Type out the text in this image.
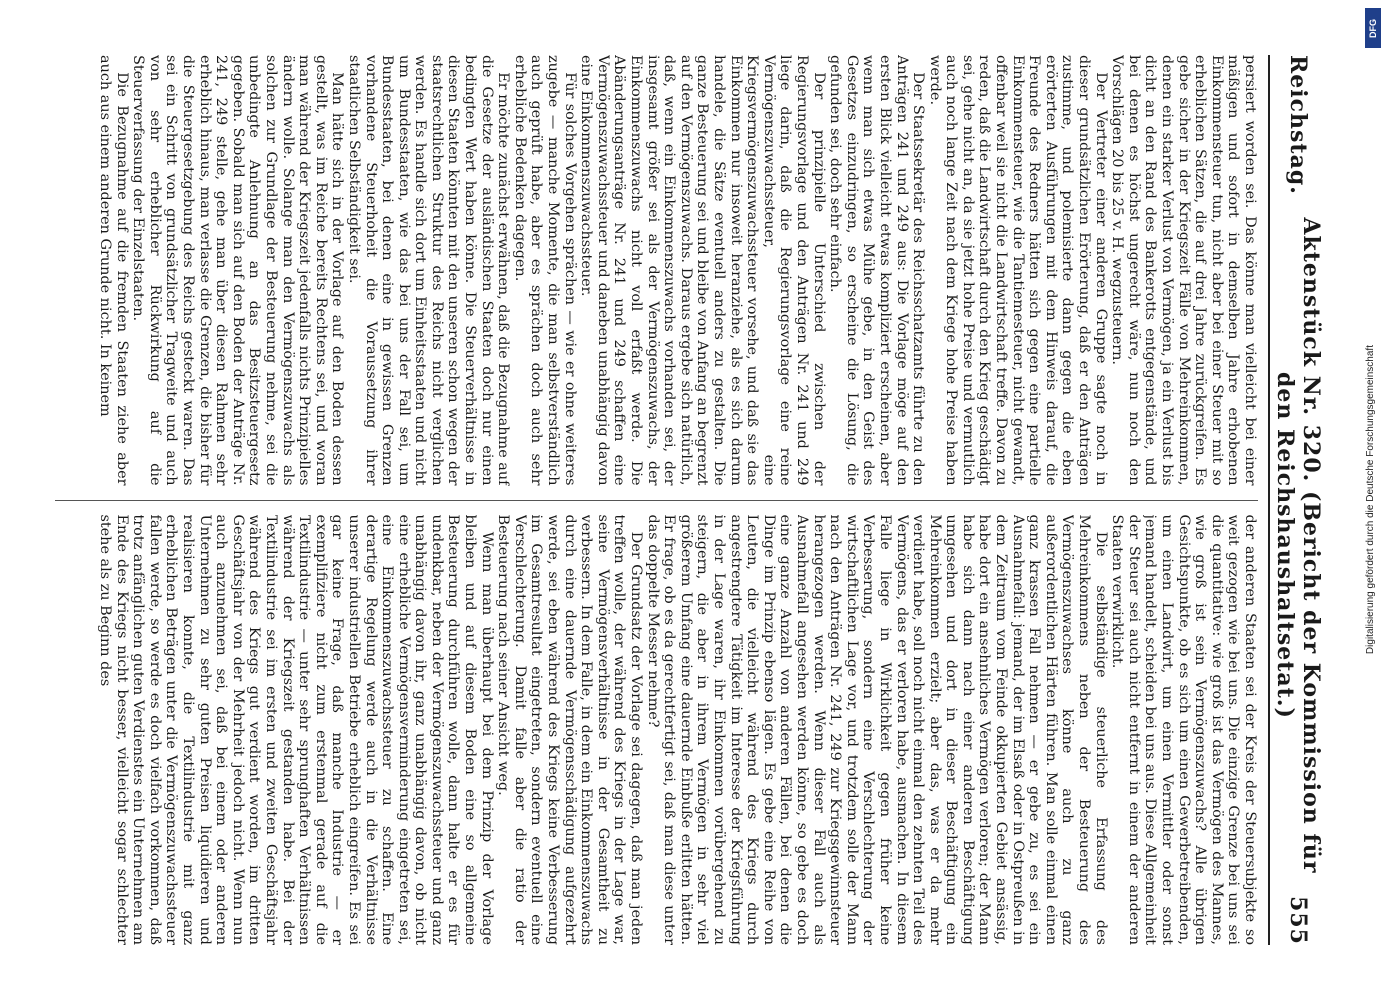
Reichstag.
Aktenstück Nr. 320. (Bericht der Kommission für den Reichshaushaltsetat.)
555

persiert worden sei. Das könne man vielleicht bei einer mäßigen und sofort in demselben Jahre erhobenen Einkommensteuer tun, nicht aber bei einer Steuer mit so erheblichen Sätzen, die auf drei Jahre zurückgreifen. Es gebe sicher in der Kriegszeit Fälle von Mehreinkommen, denen ein starker Verlust von Vermögen, ja ein Verlust bis dicht an den Rand des Bankerotts entgegenstände, und bei denen es höchst ungerecht wäre, nun noch den Vorschlägen 20 bis 25 v. H. wegzusteuern.

Der Vertreter einer anderen Gruppe sagte noch in dieser grundsätzlichen Erörterung, daß er den Anträgen zustimme, und polemisierte dann gegen die eben erörterten Ausführungen mit dem Hinweis darauf, die Freunde des Redners hätten sich gegen eine partielle Einkommensteuer, wie die Tantiemesteuer, nicht gewandt, offenbar weil sie nicht die Landwirtschaft treffe. Davon zu reden, daß die Landwirtschaft durch den Krieg geschädigt sei, gehe nicht an, da sie jetzt hohe Preise und vermutlich auch noch lange Zeit nach dem Kriege hohe Preise haben werde.

Der Staatssekretär des Reichsschatzamts führte zu den Anträgen 241 und 249 aus: Die Vorlage möge auf den ersten Blick vielleicht etwas kompliziert erscheinen, aber wenn man sich etwas Mühe gebe, in den Geist des Gesetzes einzudringen, so erscheine die Lösung, die gefunden sei, doch sehr einfach.

Der prinzipielle Unterschied zwischen der Regierungsvorlage und den Anträgen Nr. 241 und 249 liege darin, daß die Regierungsvorlage eine reine Vermögenszuwachssteuer, eine Kriegsvermögenszuwachssteuer vorsehe, und daß sie das Einkommen nur insoweit heranziehe, als es sich darum handele, die Sätze eventuell anders zu gestalten. Die ganze Besteuerung sei und bleibe von Anfang an begrenzt auf den Vermögenszuwachs. Daraus ergebe sich natürlich, daß, wenn ein Einkommenszuwachs vorhanden sei, der insgesamt größer sei als der Vermögenszuwachs, der Einkommenszuwachs nicht voll erfaßt werde. Die Abänderungsanträge Nr. 241 und 249 schaffen eine Vermögenszuwachssteuer und daneben unabhängig davon eine Einkommenszuwachssteuer.

Für solches Vorgehen sprächen — wie er ohne weiteres zugebe — manche Momente, die man selbstverständlich auch geprüft habe, aber es sprächen doch auch sehr erhebliche Bedenken dagegen.

Er möchte zunächst erwähnen, daß die Bezugnahme auf die Gesetze der ausländischen Staaten doch nur einen bedingten Wert haben könne. Die Steuerverhältnisse in diesen Staaten könnten mit den unseren schon wegen der staatsrechtlichen Struktur des Reichs nicht verglichen werden. Es handle sich dort um Einheitsstaaten und nicht um Bundesstaaten, wie das bei uns der Fall sei, um Bundesstaaten, bei denen eine in gewissen Grenzen vorhandene Steuerhoheit die Voraussetzung ihrer staatlichen Selbständigkeit sei.

Man hätte sich in der Vorlage auf den Boden dessen gestellt, was im Reiche bereits Rechtens sei, und woran man während der Kriegszeit jedenfalls nichts Prinzipielles ändern wolle. Solange man den Vermögenszuwachs als solchen zur Grundlage der Besteuerung nehme, sei die unbedingte Anlehnung an das Besitzsteuergesetz gegeben. Sobald man sich auf den Boden der Anträge Nr. 241, 249 stelle, gehe man über diesen Rahmen sehr erheblich hinaus, man verlasse die Grenzen, die bisher für die Steuergesetzgebung des Reichs gesteckt waren. Das sei ein Schritt von grundsätzlicher Tragweite und auch von sehr erheblicher Rückwirkung auf die Steuerverfassung der Einzelstaaten.

Die Bezugnahme auf die fremden Staaten ziehe aber auch aus einem anderen Grunde nicht. In keinem

der anderen Staaten sei der Kreis der Steuersubjekte so weit gezogen wie bei uns. Die einzige Grenze bei uns sei die quantitative: wie groß ist das Vermögen des Mannes, wie groß ist sein Vermögenszuwachs? Alle übrigen Gesichtspunkte, ob es sich um einen Gewerbetreibenden, um einen Landwirt, um einen Vermittler oder sonst jemand handelt, scheiden bei uns aus. Diese Allgemeinheit der Steuer sei auch nicht entfernt in einem der anderen Staaten verwirklicht.

Die selbständige steuerliche Erfassung des Mehreinkommens neben der Besteuerung des Vermögenszuwachses könne auch zu ganz außerordentlichen Härten führen. Man solle einmal einen ganz krassen Fall nehmen — er gebe zu, es sei ein Ausnahmefall: jemand, der im Elsaß oder in Ostpreußen in dem Zeitraum vom Feinde okkupierten Gebiet ansässig, habe dort ein ansehnliches Vermögen verloren; der Mann habe sich dann nach einer anderen Beschäftigung umgesehen und dort in dieser Beschäftigung ein Mehreinkommen erzielt; aber das, was er da mehr verdient habe, soll noch nicht einmal den zehnten Teil des Vermögens, das er verloren habe, ausmachen. In diesem Falle liege in Wirklichkeit gegen früher keine Verbesserung, sondern eine Verschlechterung der wirtschaftlichen Lage vor, und trotzdem solle der Mann nach den Anträgen Nr. 241, 249 zur Kriegsgewinnsteuer herangezogen werden. Wenn dieser Fall auch als Ausnahmefall angesehen werden könne, so gebe es doch eine ganze Anzahl von anderen Fällen, bei denen die Dinge im Prinzip ebenso lägen. Es gebe eine Reihe von Leuten, die vielleicht während des Kriegs durch angestrengtere Tätigkeit im Interesse der Kriegsführung in der Lage waren, ihr Einkommen vorübergehend zu steigern, die aber in ihrem Vermögen in sehr viel größerem Umfang eine dauernde Einbuße erlitten hätten. Er frage, ob es da gerechtfertigt sei, daß man diese unter das doppelte Messer nehme?

Der Grundsatz der Vorlage sei dagegen, daß man jeden treffen wolle, der während des Kriegs in der Lage war, seine Vermögensverhältnisse in der Gesamtheit zu verbessern. In dem Falle, in dem ein Einkommenszuwachs durch eine dauernde Vermögensschädigung aufgezehrt werde, sei eben während des Kriegs keine Verbesserung im Gesamtresultat eingetreten, sondern eventuell eine Verschlechterung. Damit falle aber die ratio der Besteuerung nach seiner Ansicht weg.

Wenn man überhaupt bei dem Prinzip der Vorlage bleiben und auf diesem Boden eine so allgemeine Besteuerung durchführen wolle, dann halte er es für undenkbar, neben der Vermögenszuwachssteuer und ganz unabhängig davon ihr, ganz unabhängig davon, ob nicht eine erhebliche Vermögensverminderung eingetreten sei, eine Einkommenszuwachssteuer zu schaffen. Eine derartige Regelung werde auch in die Verhältnisse unserer industriellen Betriebe erheblich eingreifen. Es sei gar keine Frage, daß manche Industrie — er exemplifiziere nicht zum erstenmal gerade auf die Textilindustrie — unter sehr sprunghaften Verhältnissen während der Kriegszeit gestanden habe. Bei der Textilindustrie sei im ersten und zweiten Geschäftsjahr während des Kriegs gut verdient worden, im dritten Geschäftsjahr von der Mehrheit jedoch nicht. Wenn nun auch anzunehmen sei, daß bei einem oder anderen Unternehmen zu sehr guten Preisen liquidieren und realisieren konnte, die Textilindustrie mit ganz erheblichen Beträgen unter die Vermögenszuwachssteuer fallen werde, so werde es doch vielfach vorkommen, daß trotz anfänglichen guten Verdienstes ein Unternehmen am Ende des Kriegs nicht besser, vielleicht sogar schlechter stehe als zu Beginn des

DFG
Digitalisierung gefördert durch die Deutsche Forschungsgemeinschaft
